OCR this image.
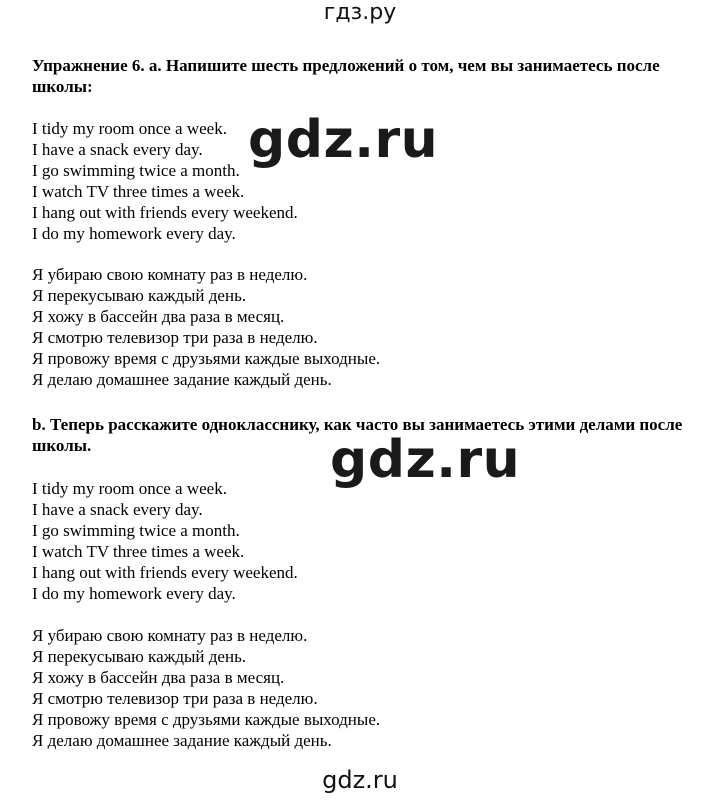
гдз.ру
Упражнение 6. a. Напишите шесть предложений о том, чем вы занимаетесь после школы:
I tidy my room once a week.
I have a snack every day.
I go swimming twice a month.
I watch TV three times a week.
I hang out with friends every weekend.
I do my homework every day.
gdz.ru
Я убираю свою комнату раз в неделю.
Я перекусываю каждый день.
Я хожу в бассейн два раза в месяц.
Я смотрю телевизор три раза в неделю.
Я провожу время с друзьями каждые выходные.
Я делаю домашнее задание каждый день.
b. Теперь расскажите однокласснику, как часто вы занимаетесь этими делами после школы.	gdz.ru
I tidy my room once a week.
I have a snack every day.
I go swimming twice a month.
I watch TV three times a week.
I hang out with friends every weekend.
I do my homework every day.
Я убираю свою комнату раз в неделю.
Я перекусываю каждый день.
Я хожу в бассейн два раза в месяц.
Я смотрю телевизор три раза в неделю.
Я провожу время с друзьями каждые выходные.
Я делаю домашнее задание каждый день.
gdz.ru
